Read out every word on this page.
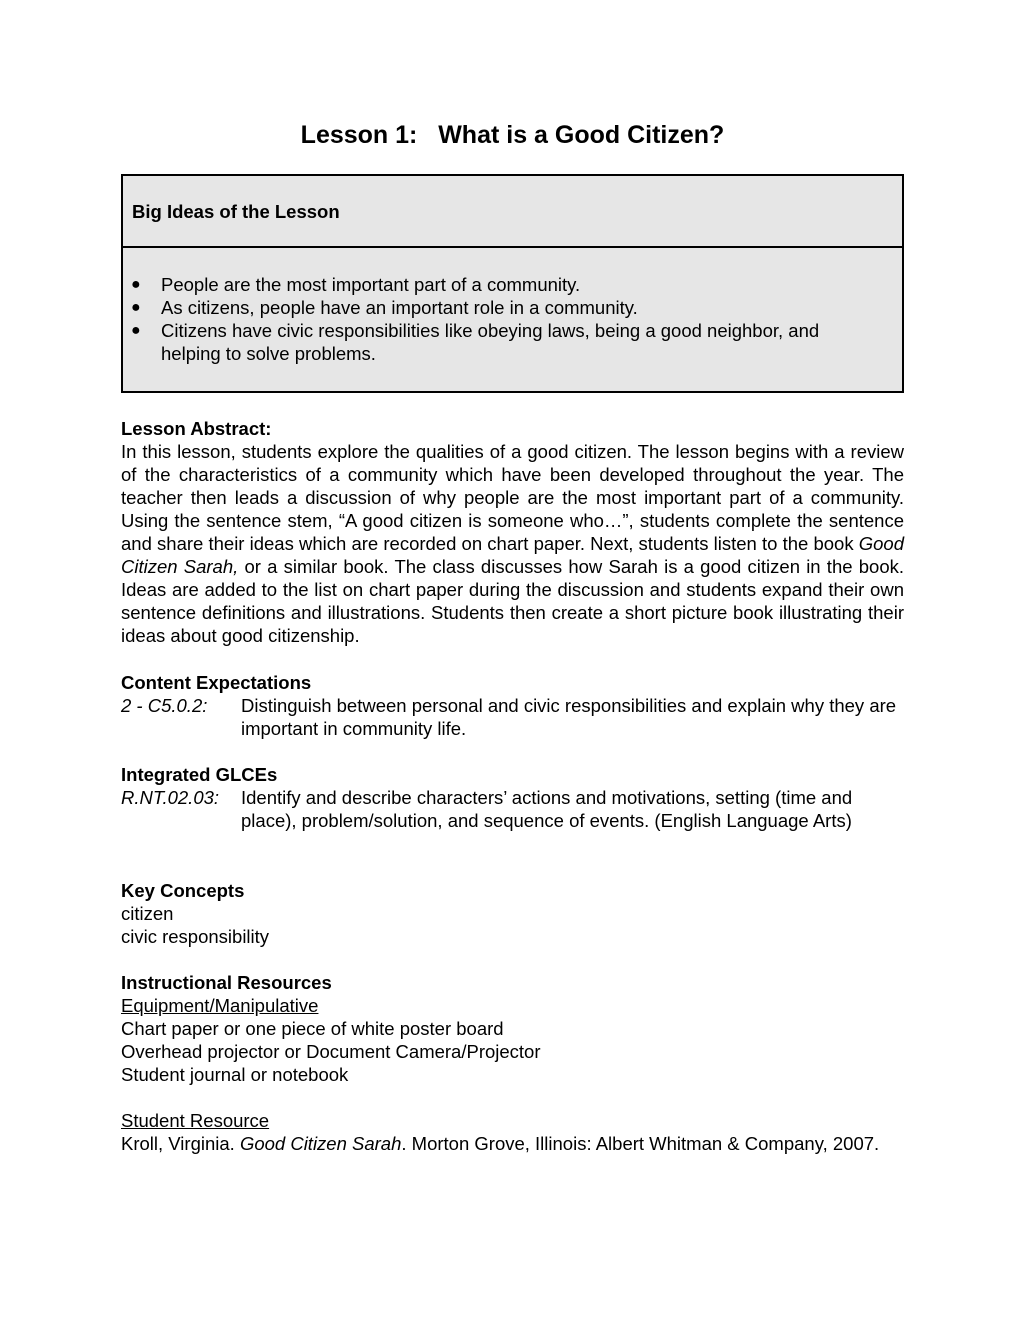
Lesson 1:   What is a Good Citizen?
Big Ideas of the Lesson
● People are the most important part of a community.
● As citizens, people have an important role in a community.
● Citizens have civic responsibilities like obeying laws, being a good neighbor, and helping to solve problems.
Lesson Abstract:
In this lesson, students explore the qualities of a good citizen. The lesson begins with a review of the characteristics of a community which have been developed throughout the year. The teacher then leads a discussion of why people are the most important part of a community. Using the sentence stem, “A good citizen is someone who…”, students complete the sentence and share their ideas which are recorded on chart paper. Next, students listen to the book Good Citizen Sarah, or a similar book. The class discusses how Sarah is a good citizen in the book. Ideas are added to the list on chart paper during the discussion and students expand their own sentence definitions and illustrations. Students then create a short picture book illustrating their ideas about good citizenship.
Content Expectations
2 - C5.0.2:	Distinguish between personal and civic responsibilities and explain why they are important in community life.
Integrated GLCEs
R.NT.02.03:	Identify and describe characters’ actions and motivations, setting (time and place), problem/solution, and sequence of events. (English Language Arts)
Key Concepts
citizen
civic responsibility
Instructional Resources
Equipment/Manipulative
Chart paper or one piece of white poster board
Overhead projector or Document Camera/Projector
Student journal or notebook
Student Resource
Kroll, Virginia. Good Citizen Sarah. Morton Grove, Illinois: Albert Whitman & Company, 2007.
